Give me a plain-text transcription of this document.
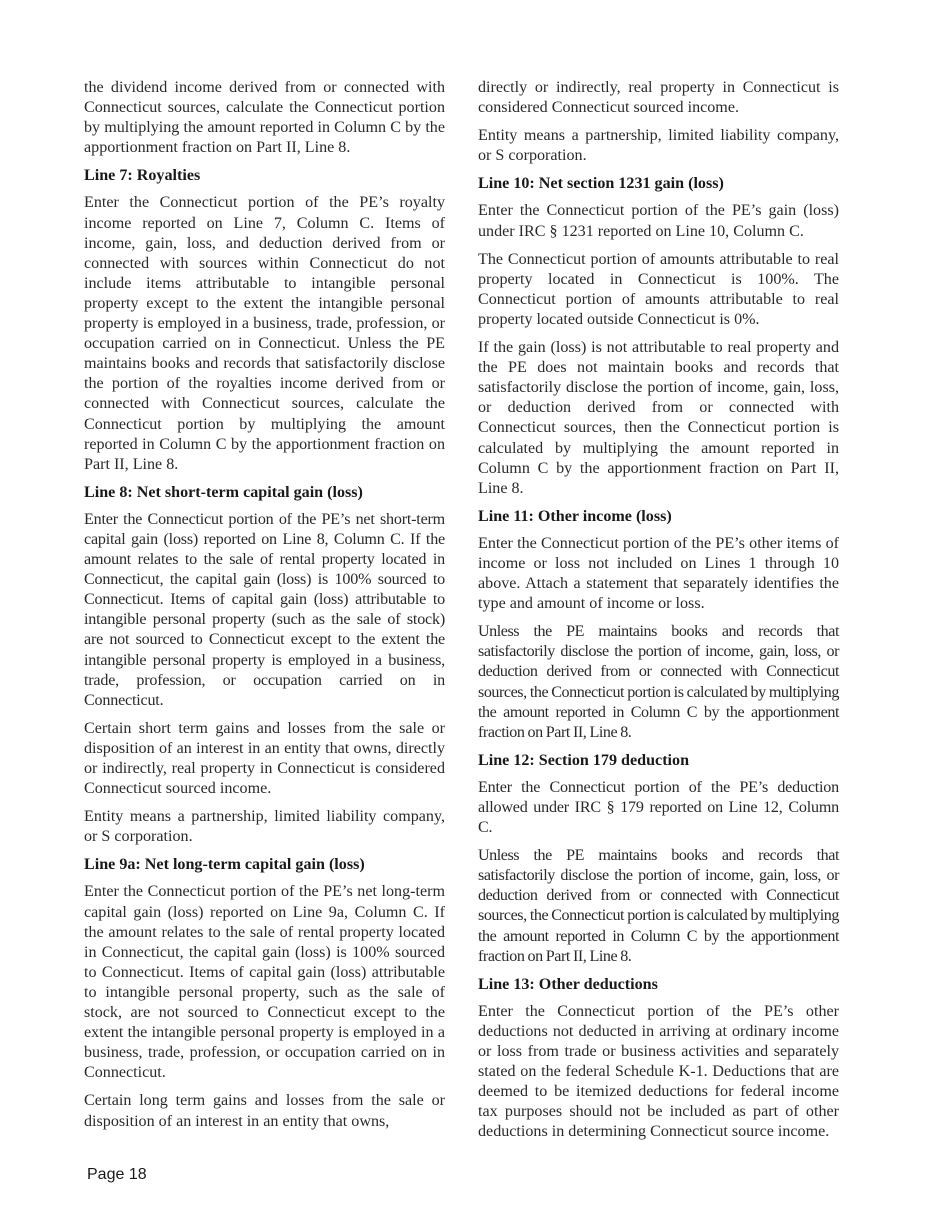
the dividend income derived from or connected with Connecticut sources, calculate the Connecticut portion by multiplying the amount reported in Column C by the apportionment fraction on Part II, Line 8.

Line 7: Royalties

Enter the Connecticut portion of the PE’s royalty income reported on Line 7, Column C. Items of income, gain, loss, and deduction derived from or connected with sources within Connecticut do not include items attributable to intangible personal property except to the extent the intangible personal property is employed in a business, trade, profession, or occupation carried on in Connecticut. Unless the PE maintains books and records that satisfactorily disclose the portion of the royalties income derived from or connected with Connecticut sources, calculate the Connecticut portion by multiplying the amount reported in Column C by the apportionment fraction on Part II, Line 8.

Line 8: Net short-term capital gain (loss)

Enter the Connecticut portion of the PE’s net short-term capital gain (loss) reported on Line 8, Column C. If the amount relates to the sale of rental property located in Connecticut, the capital gain (loss) is 100% sourced to Connecticut. Items of capital gain (loss) attributable to intangible personal property (such as the sale of stock) are not sourced to Connecticut except to the extent the intangible personal property is employed in a business, trade, profession, or occupation carried on in Connecticut.

Certain short term gains and losses from the sale or disposition of an interest in an entity that owns, directly or indirectly, real property in Connecticut is considered Connecticut sourced income.

Entity means a partnership, limited liability company, or S corporation.

Line 9a: Net long-term capital gain (loss)

Enter the Connecticut portion of the PE’s net long-term capital gain (loss) reported on Line 9a, Column C. If the amount relates to the sale of rental property located in Connecticut, the capital gain (loss) is 100% sourced to Connecticut. Items of capital gain (loss) attributable to intangible personal property, such as the sale of stock, are not sourced to Connecticut except to the extent the intangible personal property is employed in a business, trade, profession, or occupation carried on in Connecticut.

Certain long term gains and losses from the sale or disposition of an interest in an entity that owns,

directly or indirectly, real property in Connecticut is considered Connecticut sourced income.

Entity means a partnership, limited liability company, or S corporation.

Line 10: Net section 1231 gain (loss)

Enter the Connecticut portion of the PE’s gain (loss) under IRC § 1231 reported on Line 10, Column C.

The Connecticut portion of amounts attributable to real property located in Connecticut is 100%. The Connecticut portion of amounts attributable to real property located outside Connecticut is 0%.

If the gain (loss) is not attributable to real property and the PE does not maintain books and records that satisfactorily disclose the portion of income, gain, loss, or deduction derived from or connected with Connecticut sources, then the Connecticut portion is calculated by multiplying the amount reported in Column C by the apportionment fraction on Part II, Line 8.

Line 11: Other income (loss)

Enter the Connecticut portion of the PE’s other items of income or loss not included on Lines 1 through 10 above. Attach a statement that separately identifies the type and amount of income or loss.

Unless the PE maintains books and records that satisfactorily disclose the portion of income, gain, loss, or deduction derived from or connected with Connecticut sources, the Connecticut portion is calculated by multiplying the amount reported in Column C by the apportionment fraction on Part II, Line 8.

Line 12: Section 179 deduction

Enter the Connecticut portion of the PE’s deduction allowed under IRC § 179 reported on Line 12, Column C.

Unless the PE maintains books and records that satisfactorily disclose the portion of income, gain, loss, or deduction derived from or connected with Connecticut sources, the Connecticut portion is calculated by multiplying the amount reported in Column C by the apportionment fraction on Part II, Line 8.

Line 13: Other deductions

Enter the Connecticut portion of the PE’s other deductions not deducted in arriving at ordinary income or loss from trade or business activities and separately stated on the federal Schedule K-1. Deductions that are deemed to be itemized deductions for federal income tax purposes should not be included as part of other deductions in determining Connecticut source income.

Page 18
